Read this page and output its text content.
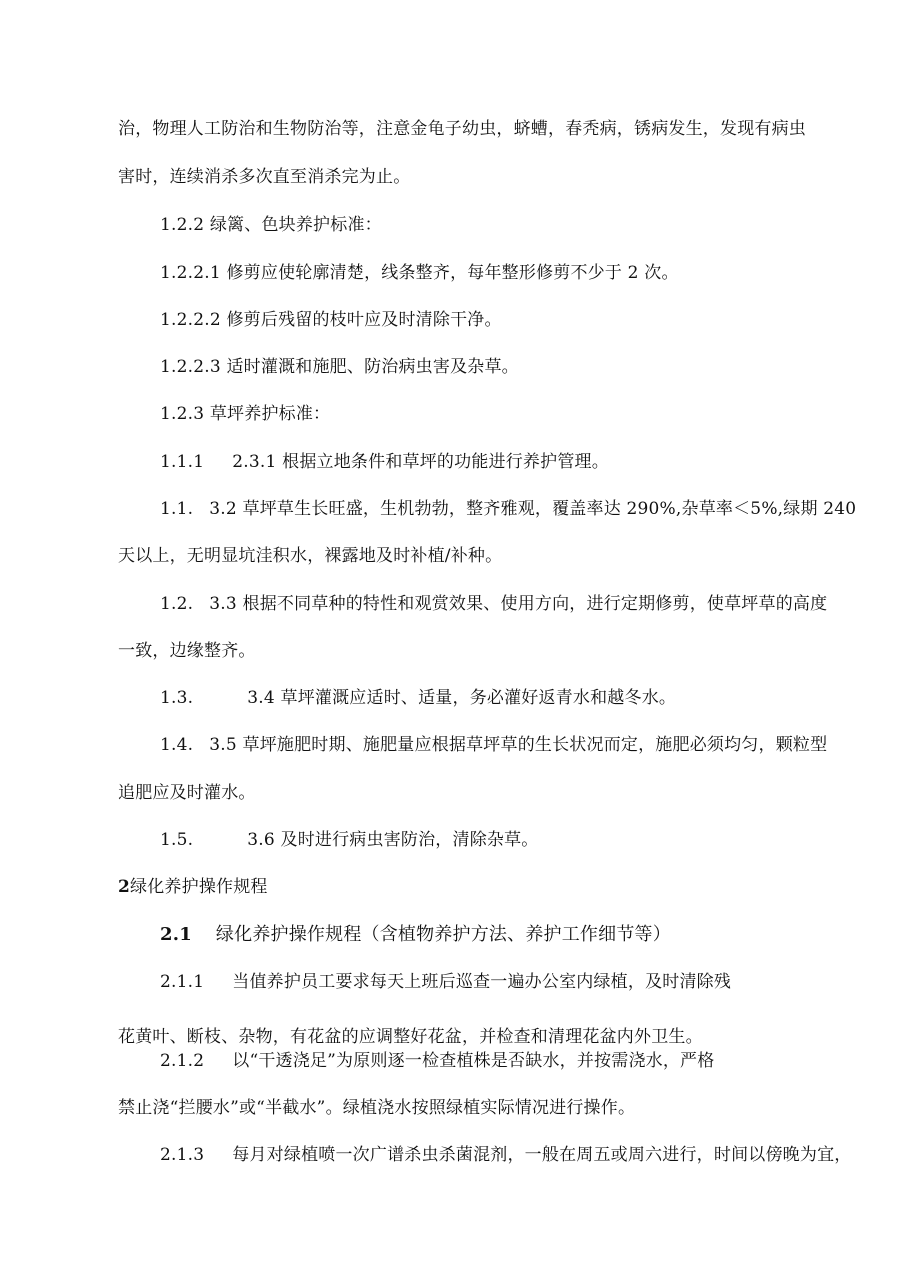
治，物理人工防治和生物防治等，注意金龟子幼虫，蛴螬，春秃病，锈病发生，发现有病虫
害时，连续消杀多次直至消杀完为止。
1.2.2 绿篱、色块养护标准：
1.2.2.1 修剪应使轮廓清楚，线条整齐，每年整形修剪不少于 2 次。
1.2.2.2 修剪后残留的枝叶应及时清除干净。
1.2.2.3 适时灌溉和施肥、防治病虫害及杂草。
1.2.3 草坪养护标准：
1.1.1 2.3.1 根据立地条件和草坪的功能进行养护管理。
1.1. 3.2 草坪草生长旺盛，生机勃勃，整齐雅观，覆盖率达 290%,杂草率＜5%,绿期 240
天以上，无明显坑洼积水，裸露地及时补植/补种。
1.2. 3.3 根据不同草种的特性和观赏效果、使用方向，进行定期修剪，使草坪草的高度
一致，边缘整齐。
1.3.	3.4 草坪灌溉应适时、适量，务必灌好返青水和越冬水。
1.4. 3.5 草坪施肥时期、施肥量应根据草坪草的生长状况而定，施肥必须均匀，颗粒型
追肥应及时灌水。
1.5.	3.6 及时进行病虫害防治，清除杂草。
2绿化养护操作规程
2.1 绿化养护操作规程（含植物养护方法、养护工作细节等）
2.1.1 当值养护员工要求每天上班后巡查一遍办公室内绿植，及时清除残
花黄叶、断枝、杂物，有花盆的应调整好花盆，并检查和清理花盆内外卫生。
2.1.2 以“干透浇足”为原则逐一检查植株是否缺水，并按需浇水，严格
禁止浇“拦腰水”或“半截水”。绿植浇水按照绿植实际情况进行操作。
2.1.3 每月对绿植喷一次广谱杀虫杀菌混剂，一般在周五或周六进行，时间以傍晚为宜，
